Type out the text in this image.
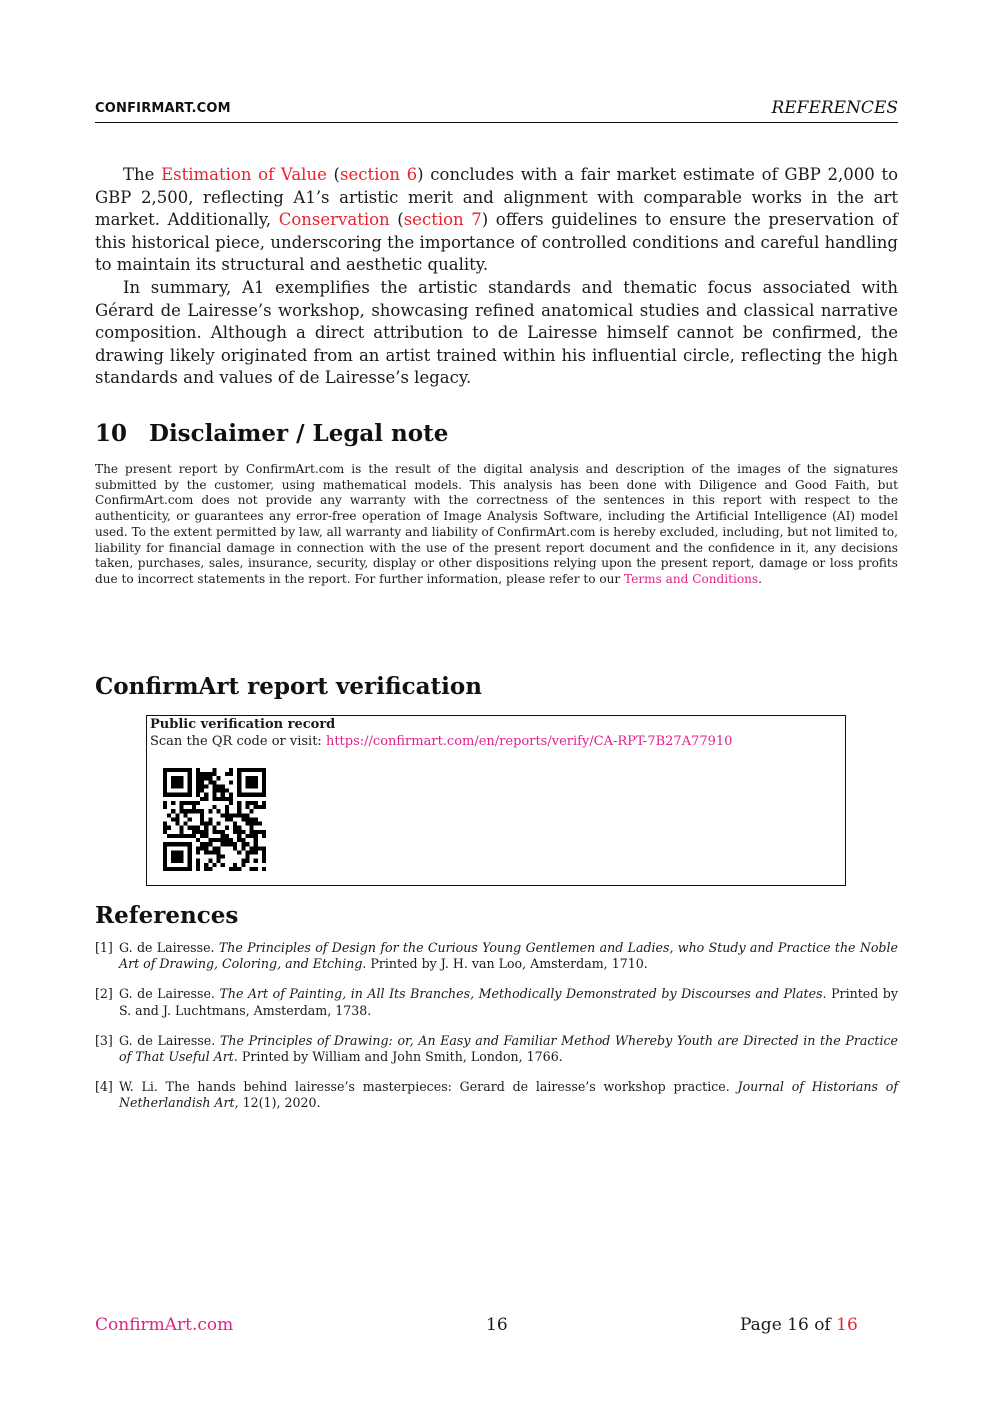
CONFIRMART.COM	REFERENCES

The Estimation of Value (section 6) concludes with a fair market estimate of GBP 2,000 to GBP 2,500, reflecting A1’s artistic merit and alignment with comparable works in the art market. Additionally, Conservation (section 7) offers guidelines to ensure the preservation of this historical piece, underscoring the importance of controlled conditions and careful handling to maintain its structural and aesthetic quality.

In summary, A1 exemplifies the artistic standards and thematic focus associated with Gérard de Lairesse’s workshop, showcasing refined anatomical studies and classical narrative composition. Although a direct attribution to de Lairesse himself cannot be confirmed, the drawing likely originated from an artist trained within his influential circle, reflecting the high standards and values of de Lairesse’s legacy.

10 Disclaimer / Legal note
The present report by ConfirmArt.com is the result of the digital analysis and description of the images of the signatures submitted by the customer, using mathematical models. This analysis has been done with Diligence and Good Faith, but ConfirmArt.com does not provide any warranty with the correctness of the sentences in this report with respect to the authenticity, or guarantees any error-free operation of Image Analysis Software, including the Artificial Intelligence (AI) model used. To the extent permitted by law, all warranty and liability of ConfirmArt.com is hereby excluded, including, but not limited to, liability for financial damage in connection with the use of the present report document and the confidence in it, any decisions taken, purchases, sales, insurance, security, display or other dispositions relying upon the present report, damage or loss profits due to incorrect statements in the report. For further information, please refer to our Terms and Conditions.
ConfirmArt report verification
Public verification record
Scan the QR code or visit: https://confirmart.com/en/reports/verify/CA-RPT-7B27A77910
References
[1] G. de Lairesse. The Principles of Design for the Curious Young Gentlemen and Ladies, who Study and Practice the Noble Art of Drawing, Coloring, and Etching. Printed by J. H. van Loo, Amsterdam, 1710.
[2] G. de Lairesse. The Art of Painting, in All Its Branches, Methodically Demonstrated by Discourses and Plates. Printed by S. and J. Luchtmans, Amsterdam, 1738.
[3] G. de Lairesse. The Principles of Drawing: or, An Easy and Familiar Method Whereby Youth are Directed in the Practice of That Useful Art. Printed by William and John Smith, London, 1766.
[4] W. Li. The hands behind lairesse’s masterpieces: Gerard de lairesse’s workshop practice. Journal of Historians of Netherlandish Art, 12(1), 2020.
ConfirmArt.com	16	Page 16 of 16
